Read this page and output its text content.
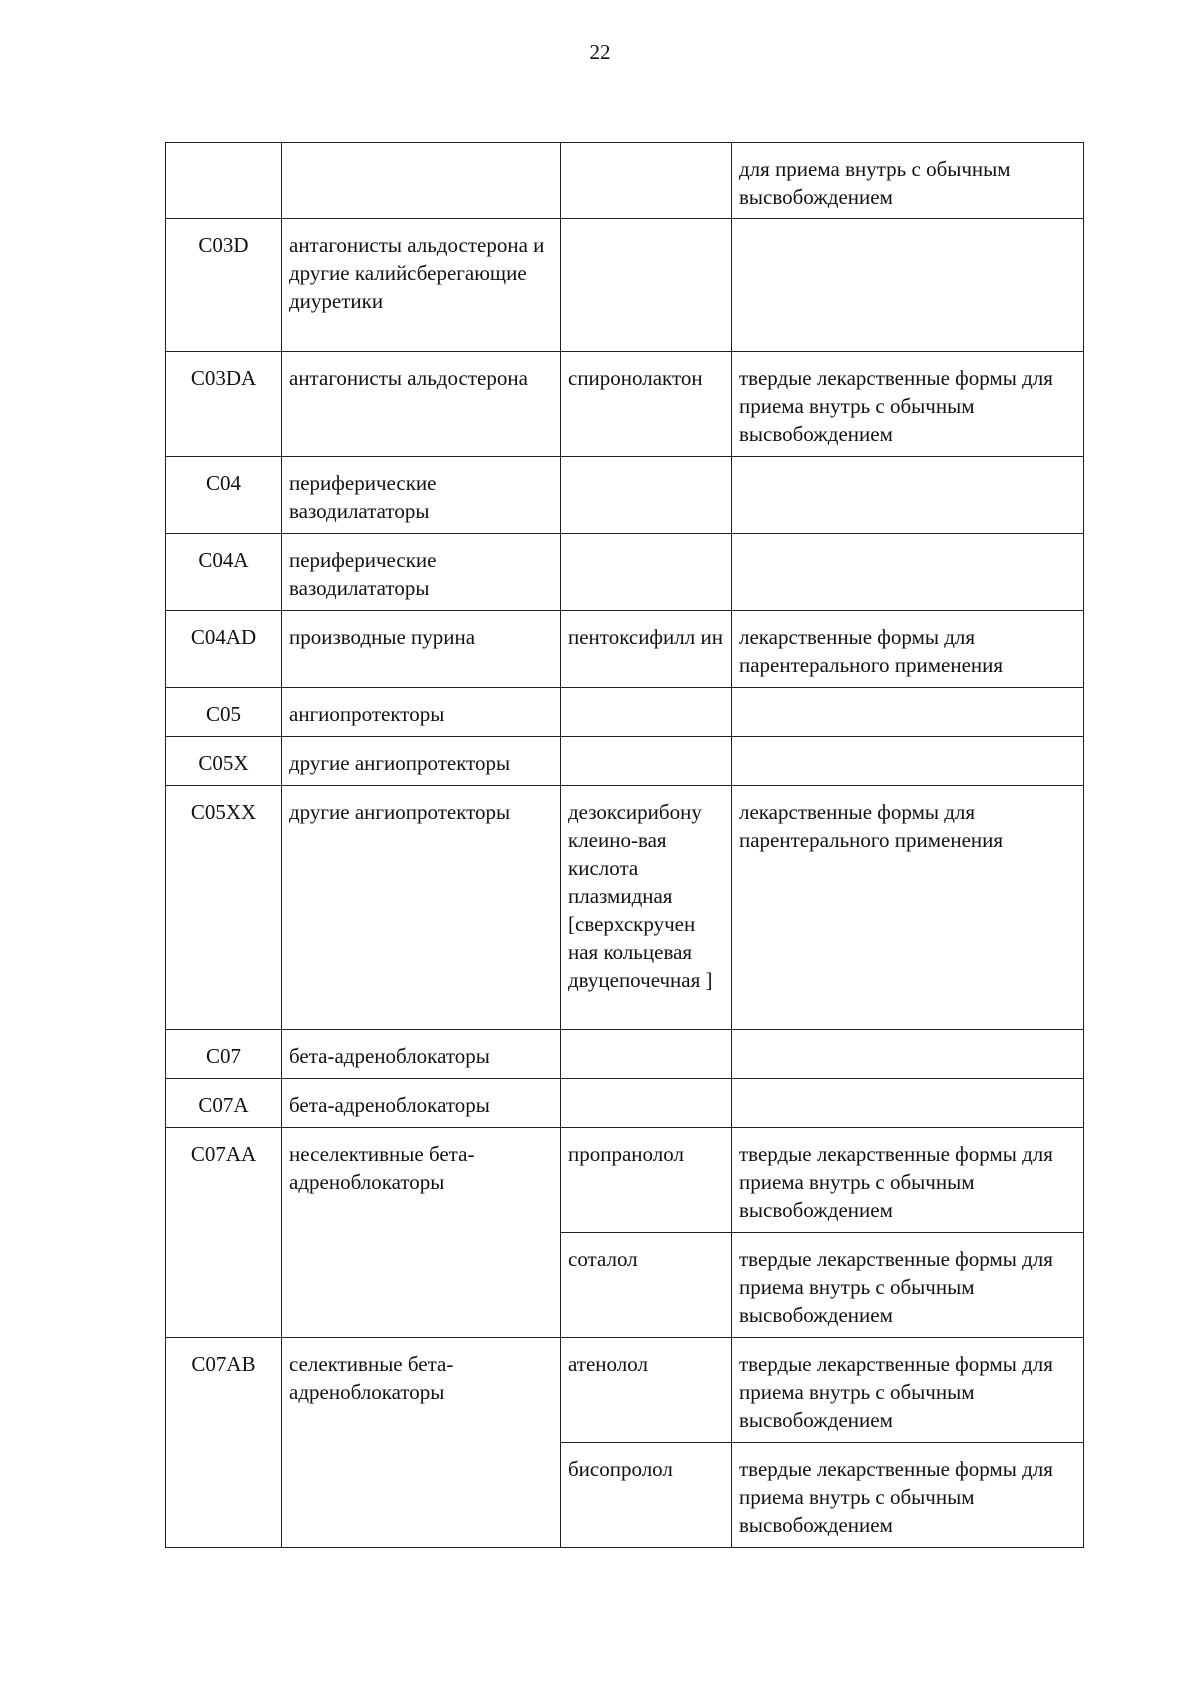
22
			для приема внутрь с обычным высвобождением
C03D	антагонисты альдостерона и другие калийсберегающие диуретики		
C03DA	антагонисты альдостерона	спиронолактон	твердые лекарственные формы для приема внутрь с обычным высвобождением
C04	периферические вазодилататоры		
C04A	периферические вазодилататоры		
C04AD	производные пурина	пентоксифилл ин	лекарственные формы для парентерального применения
C05	ангиопротекторы		
C05X	другие ангиопротекторы		
C05XX	другие ангиопротекторы	дезоксирибону клеино-вая кислота плазмидная [сверхскручен ная кольцевая двуцепочечная ]	лекарственные формы для парентерального применения
C07	бета-адреноблокаторы		
C07A	бета-адреноблокаторы		
C07AA	неселективные бета-адреноблокаторы	пропранолол	твердые лекарственные формы для приема внутрь с обычным высвобождением
		соталол	твердые лекарственные формы для приема внутрь с обычным высвобождением
C07AB	селективные бета-адреноблокаторы	атенолол	твердые лекарственные формы для приема внутрь с обычным высвобождением
		бисопролол	твердые лекарственные формы для приема внутрь с обычным высвобождением
